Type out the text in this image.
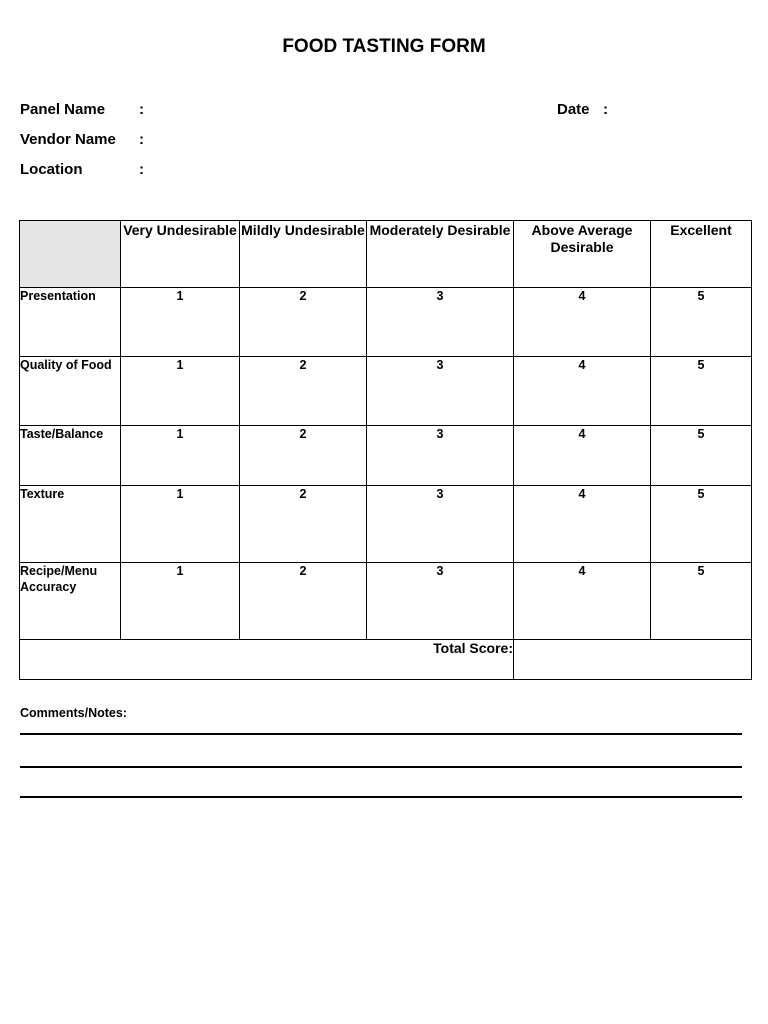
FOOD TASTING FORM
Panel Name :	Date :
Vendor Name :
Location	:
	Very Undesirable	Mildly Undesirable	Moderately Desirable	Above Average Desirable	Excellent
Presentation	1	2	3	4	5
Quality of Food	1	2	3	4	5
Taste/Balance	1	2	3	4	5
Texture	1	2	3	4	5
Recipe/Menu Accuracy	1	2	3	4	5
Total Score:					
Comments/Notes:
